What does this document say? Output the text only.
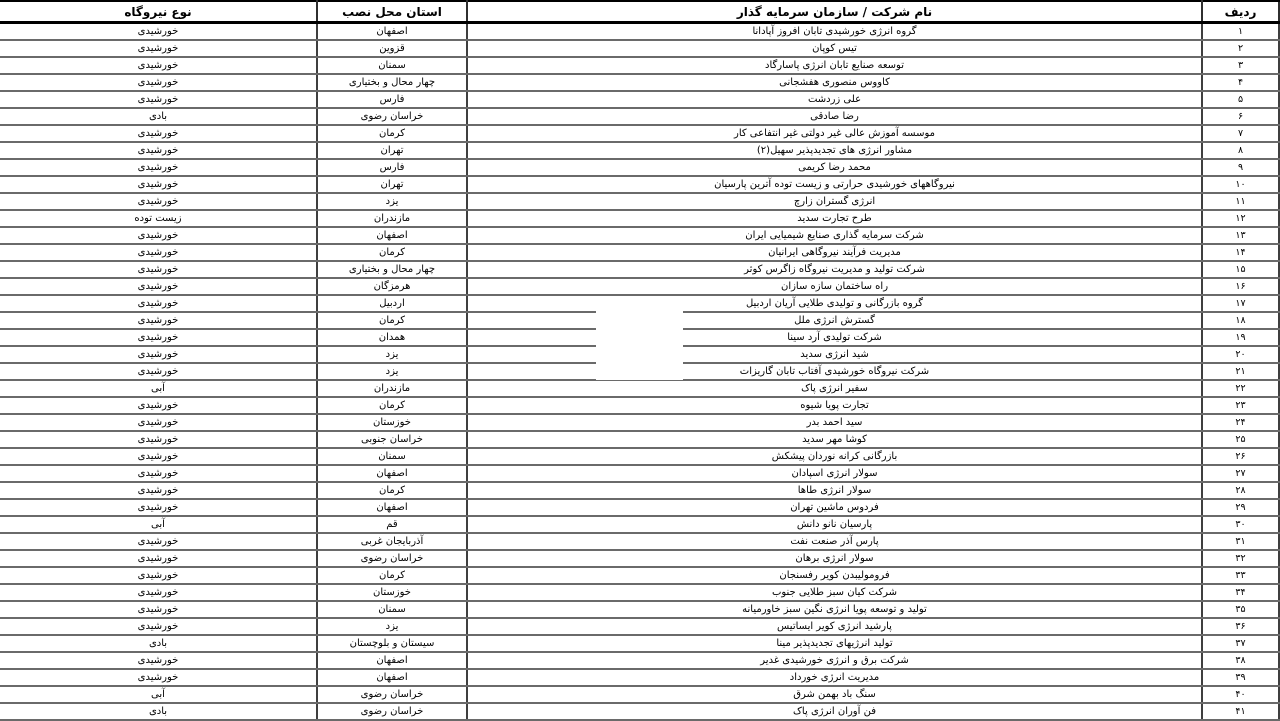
ردیف	نام شرکت / سازمان سرمایه گذار	استان محل نصب	نوع نیروگاه
۱	گروه انرژی خورشیدی تابان افروز آپادانا	اصفهان	خورشیدی
۲	تیس کوپان	قزوین	خورشیدی
۳	توسعه صنایع تابان انرژی پاسارگاد	سمنان	خورشیدی
۴	کاووس منصوری هفشجانی	چهار محال و بختیاری	خورشیدی
۵	علی زردشت	فارس	خورشیدی
۶	رضا صادقی	خراسان رضوی	بادی
۷	موسسه آموزش عالی غیر دولتی غیر انتفاعی کار	کرمان	خورشیدی
۸	مشاور انرژی های تجدیدپذیر سهیل(۲)	تهران	خورشیدی
۹	محمد رضا کریمی	فارس	خورشیدی
۱۰	نیروگاههای خورشیدی حرارتی و زیست توده آترین پارسیان	تهران	خورشیدی
۱۱	انرژی گستران زارچ	یزد	خورشیدی
۱۲	طرح تجارت سدید	مازندران	زیست توده
۱۳	شرکت سرمایه گذاری صنایع شیمیایی ایران	اصفهان	خورشیدی
۱۴	مدیریت فرآیند نیروگاهی ایرانیان	کرمان	خورشیدی
۱۵	شرکت تولید و مدیریت نیروگاه زاگرس کوثر	چهار محال و بختیاری	خورشیدی
۱۶	راه ساختمان سازه سازان	هرمزگان	خورشیدی
۱۷	گروه بازرگانی و تولیدی طلایی آریان اردبیل	اردبیل	خورشیدی
۱۸	گسترش انرژی ملل	کرمان	خورشیدی
۱۹	شرکت تولیدی آرد سینا	همدان	خورشیدی
۲۰	شید انرژی سدید	یزد	خورشیدی
۲۱	شرکت نیروگاه خورشیدی آفتاب تابان گاریزات	یزد	خورشیدی
۲۲	سفیر انرژی پاک	مازندران	آبی
۲۳	تجارت پویا شیوه	کرمان	خورشیدی
۲۴	سید احمد بدر	خوزستان	خورشیدی
۲۵	کوشا مهر سدید	خراسان جنوبی	خورشیدی
۲۶	بازرگانی کرانه نوردان پیشکش	سمنان	خورشیدی
۲۷	سولار انرژی اسپادان	اصفهان	خورشیدی
۲۸	سولار انرژی طاها	کرمان	خورشیدی
۲۹	فردوس ماشین تهران	اصفهان	خورشیدی
۳۰	پارسیان نانو دانش	قم	آبی
۳۱	پارس آذر صنعت نفت	آذربایجان غربی	خورشیدی
۳۲	سولار انرژی برهان	خراسان رضوی	خورشیدی
۳۳	فرومولیبدن کویر رفسنجان	کرمان	خورشیدی
۳۴	شرکت کیان سبز طلایی جنوب	خوزستان	خورشیدی
۳۵	تولید و توسعه پویا انرژی نگین سبز خاورمیانه	سمنان	خورشیدی
۳۶	پارشید انرژی کویر ایساتیس	یزد	خورشیدی
۳۷	تولید انرژیهای تجدیدپذیر مینا	سیستان و بلوچستان	بادی
۳۸	شرکت برق و انرژی خورشیدی غدیر	اصفهان	خورشیدی
۳۹	مدیریت انرژی خورداد	اصفهان	خورشیدی
۴۰	سنگ باد بهمن شرق	خراسان رضوی	آبی
۴۱	فن آوران انرژی پاک	خراسان رضوی	بادی
